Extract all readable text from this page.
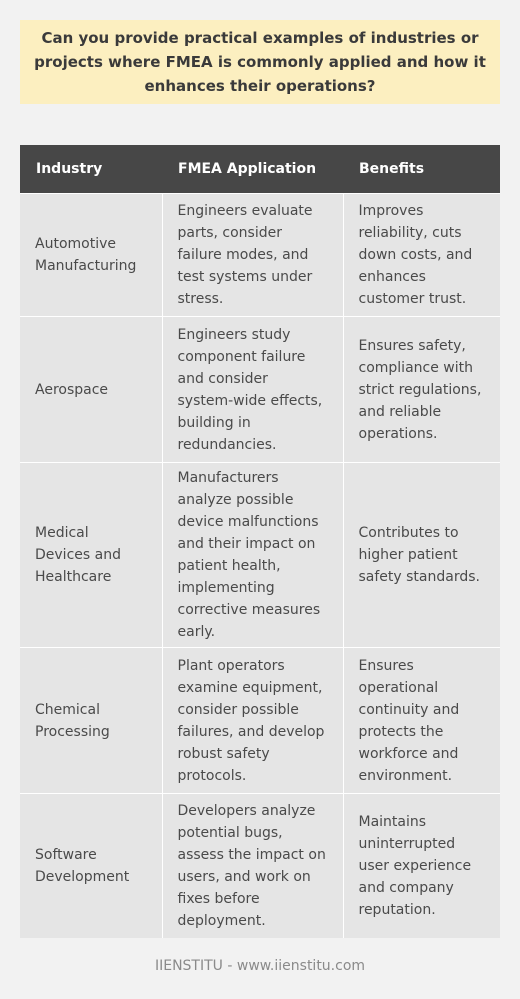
Can you provide practical examples of industries or projects where FMEA is commonly applied and how it enhances their operations?

Industry	FMEA Application	Benefits
Automotive Manufacturing	Engineers evaluate parts, consider failure modes, and test systems under stress.	Improves reliability, cuts down costs, and enhances customer trust.
Aerospace	Engineers study component failure and consider system-wide effects, building in redundancies.	Ensures safety, compliance with strict regulations, and reliable operations.
Medical Devices and Healthcare	Manufacturers analyze possible device malfunctions and their impact on patient health, implementing corrective measures early.	Contributes to higher patient safety standards.
Chemical Processing	Plant operators examine equipment, consider possible failures, and develop robust safety protocols.	Ensures operational continuity and protects the workforce and environment.
Software Development	Developers analyze potential bugs, assess the impact on users, and work on fixes before deployment.	Maintains uninterrupted user experience and company reputation.
IIENSTITU - www.iienstitu.com
